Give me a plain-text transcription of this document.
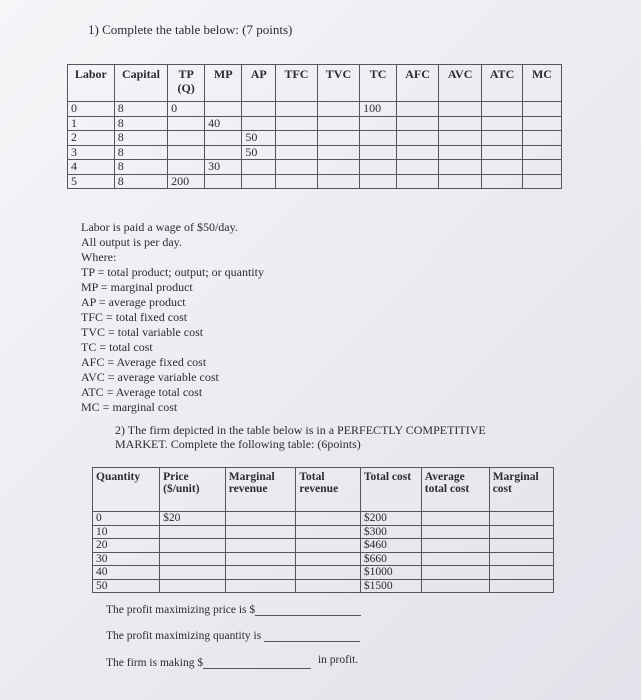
1) Complete the table below: (7 points)
Labor	Capital	TP (Q)	MP	AP	TFC	TVC	TC	AFC	AVC	ATC	MC
0	8	0					100				
1	8		40								
2	8			50							
3	8			50							
4	8		30								
5	8	200									
Labor is paid a wage of $50/day.
All output is per day.
Where:
TP = total product; output; or quantity
MP = marginal product
AP = average product
TFC = total fixed cost
TVC = total variable cost
TC = total cost
AFC = Average fixed cost
AVC = average variable cost
ATC = Average total cost
MC = marginal cost
2) The firm depicted in the table below is in a PERFECTLY COMPETITIVE MARKET. Complete the following table: (6points)
Quantity	Price ($/unit)	Marginal revenue	Total revenue	Total cost	Average total cost	Marginal cost
0	$20			$200		
10				$300		
20				$460		
30				$660		
40				$1000		
50				$1500		
The profit maximizing price is $
The profit maximizing quantity is
The firm is making $	in profit.
